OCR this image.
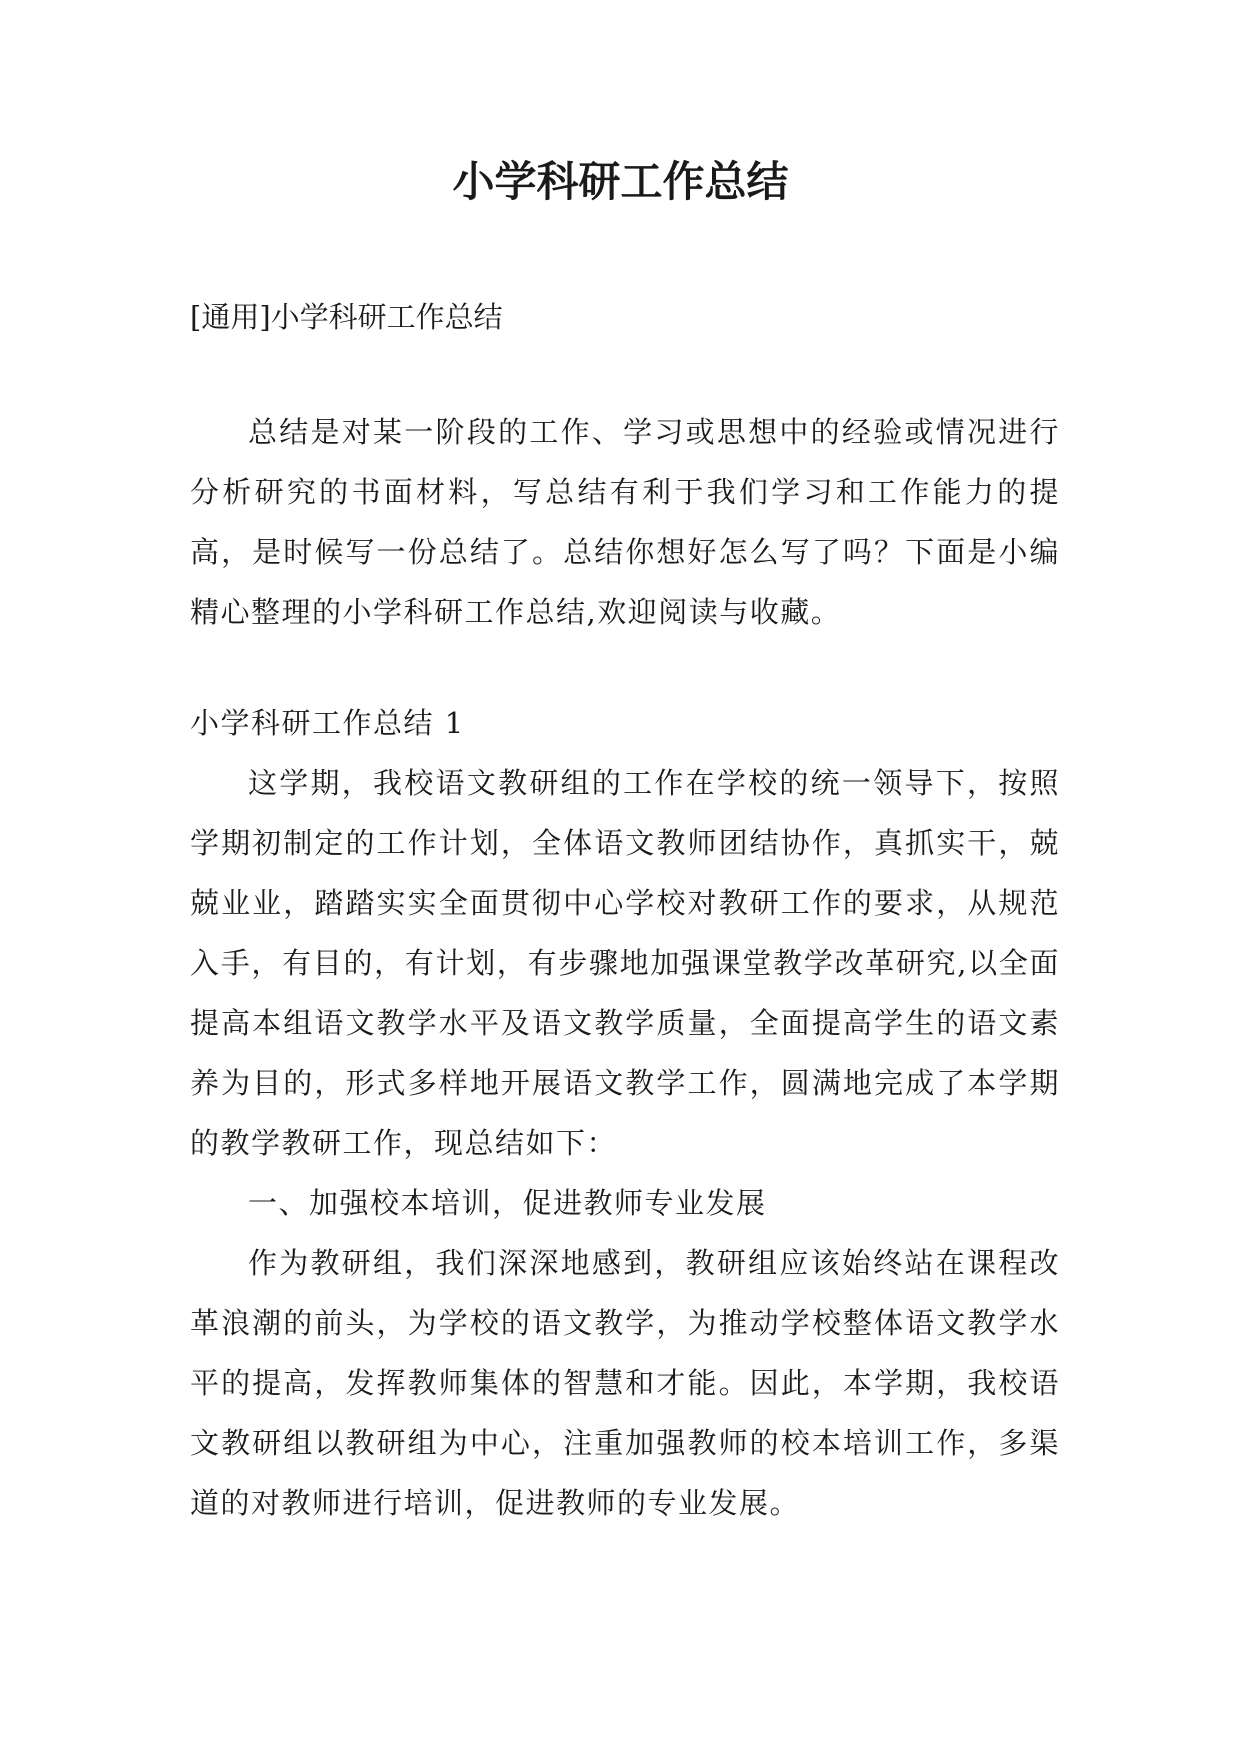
小学科研工作总结

[通用]小学科研工作总结

总结是对某一阶段的工作、学习或思想中的经验或情况进行分析研究的书面材料，写总结有利于我们学习和工作能力的提高，是时候写一份总结了。总结你想好怎么写了吗？下面是小编精心整理的小学科研工作总结,欢迎阅读与收藏。

小学科研工作总结 1

这学期，我校语文教研组的工作在学校的统一领导下，按照学期初制定的工作计划，全体语文教师团结协作，真抓实干，兢兢业业，踏踏实实全面贯彻中心学校对教研工作的要求，从规范入手，有目的，有计划，有步骤地加强课堂教学改革研究,以全面提高本组语文教学水平及语文教学质量，全面提高学生的语文素养为目的，形式多样地开展语文教学工作，圆满地完成了本学期的教学教研工作，现总结如下：

一、加强校本培训，促进教师专业发展

作为教研组，我们深深地感到，教研组应该始终站在课程改革浪潮的前头，为学校的语文教学，为推动学校整体语文教学水平的提高，发挥教师集体的智慧和才能。因此，本学期，我校语文教研组以教研组为中心，注重加强教师的校本培训工作，多渠道的对教师进行培训，促进教师的专业发展。
